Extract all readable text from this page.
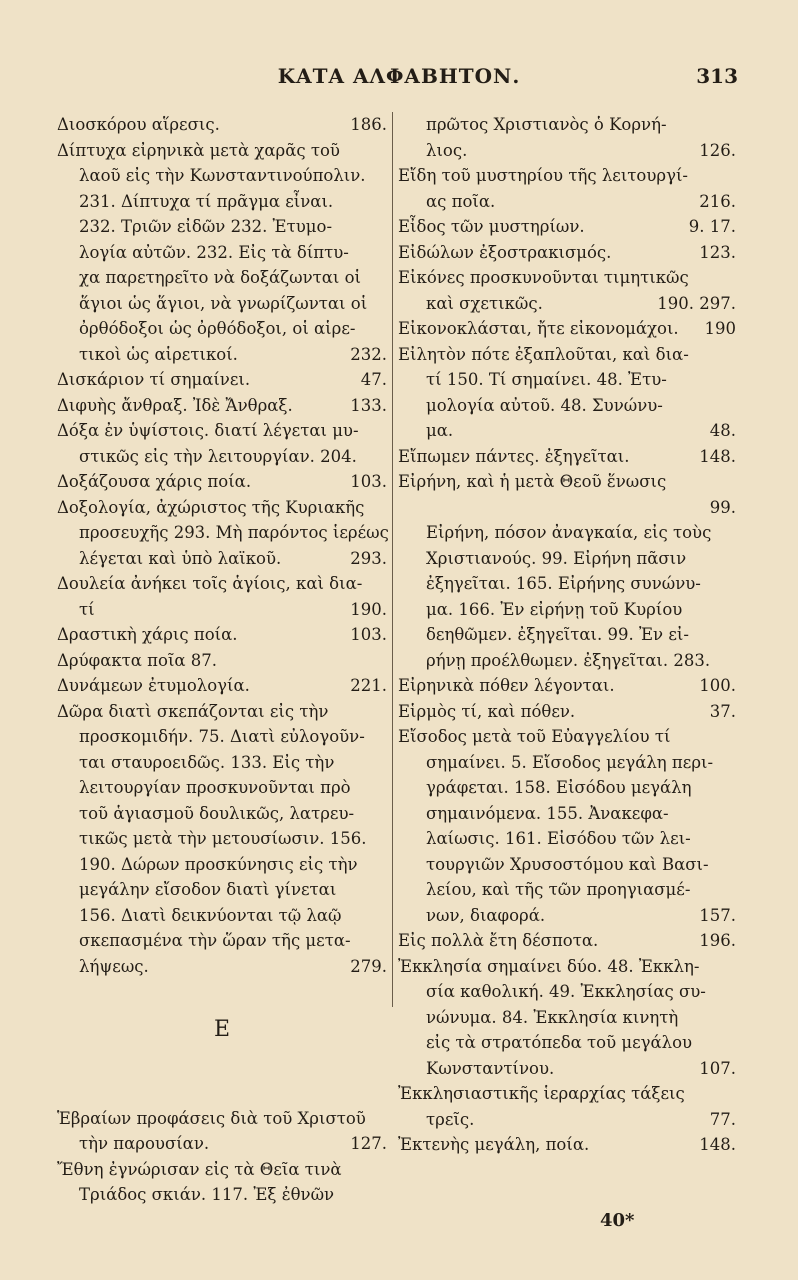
ΚΑΤΑ ΑΛΦΑΒΗΤΟΝ.	313
Διοσκόρου αἵρεσις.	186.
Δίπτυχα εἰρηνικὰ μετὰ χαρᾶς τοῦ
λαοῦ εἰς τὴν Κωνσταντινούπολιν.
231. Δίπτυχα τί πρᾶγμα εἶναι.
232. Τριῶν εἰδῶν 232. Ἐτυμο-
λογία αὐτῶν. 232. Εἰς τὰ δίπτυ-
χα παρετηρεῖτο νὰ δοξάζωνται οἱ
ἅγιοι ὡς ἅγιοι, νὰ γνωρίζωνται οἱ
ὀρθόδοξοι ὡς ὀρθόδοξοι, οἱ αἱρε-
τικοὶ ὡς αἱρετικοί.	232.
Δισκάριον τί σημαίνει.	47.
Διφυὴς ἄνθραξ. Ἰδὲ Ἄνθραξ.	133.
Δόξα ἐν ὑψίστοις. διατί λέγεται μυ-
στικῶς εἰς τὴν λειτουργίαν. 204.
Δοξάζουσα χάρις ποία.	103.
Δοξολογία, ἀχώριστος τῆς Κυριακῆς
προσευχῆς 293. Μὴ παρόντος ἱερέως
λέγεται καὶ ὑπὸ λαϊκοῦ.	293.
Δουλεία ἀνήκει τοῖς ἁγίοις, καὶ δια-
τί	190.
Δραστικὴ χάρις ποία.	103.
Δρύφακτα ποῖα 87.
Δυνάμεων ἐτυμολογία.	221.
Δῶρα διατὶ σκεπάζονται εἰς τὴν
προσκομιδήν. 75. Διατὶ εὐλογοῦν-
ται σταυροειδῶς. 133. Εἰς τὴν
λειτουργίαν προσκυνοῦνται πρὸ
τοῦ ἁγιασμοῦ δουλικῶς, λατρευ-
τικῶς μετὰ τὴν μετουσίωσιν. 156.
190. Δώρων προσκύνησις εἰς τὴν
μεγάλην εἴσοδον διατὶ γίνεται
156. Διατὶ δεικνύονται τῷ λαῷ
σκεπασμένα τὴν ὥραν τῆς μετα-
λήψεως.	279.
Ε
Ἑβραίων προφάσεις διὰ τοῦ Χριστοῦ
τὴν παρουσίαν.	127.
Ἔθνη ἐγνώρισαν εἰς τὰ Θεῖα τινὰ
Τριάδος σκιάν. 117. Ἐξ ἐθνῶν
πρῶτος Χριστιανὸς ὁ Κορνή-
λιος.	126.
Εἴδη τοῦ μυστηρίου τῆς λειτουργί-
ας ποῖα.	216.
Εἶδος τῶν μυστηρίων.	9. 17.
Εἰδώλων ἐξοστρακισμός.	123.
Εἰκόνες προσκυνοῦνται τιμητικῶς
καὶ σχετικῶς.	190. 297.
Εἰκονοκλάσται, ἤτε εἰκονομάχοι. 190
Εἰλητὸν πότε ἐξαπλοῦται, καὶ δια-
τί 150. Τί σημαίνει. 48. Ἐτυ-
μολογία αὐτοῦ. 48. Συνώνυ-
μα.	48.
Εἴπωμεν πάντες. ἐξηγεῖται.	148.
Εἰρήνη, καὶ ἡ μετὰ Θεοῦ ἕνωσις
99.
Εἰρήνη, πόσον ἀναγκαία, εἰς τοὺς
Χριστιανούς. 99. Εἰρήνη πᾶσιν
ἐξηγεῖται. 165. Εἰρήνης συνώνυ-
μα. 166. Ἐν εἰρήνῃ τοῦ Κυρίου
δεηθῶμεν. ἐξηγεῖται. 99. Ἐν εἰ-
ρήνῃ προέλθωμεν. ἐξηγεῖται. 283.
Εἰρηνικὰ πόθεν λέγονται.	100.
Εἱρμὸς τί, καὶ πόθεν.	37.
Εἴσοδος μετὰ τοῦ Εὐαγγελίου τί
σημαίνει. 5. Εἴσοδος μεγάλη περι-
γράφεται. 158. Εἰσόδου μεγάλη
σημαινόμενα. 155. Ἀνακεφα-
λαίωσις. 161. Εἰσόδου τῶν λει-
τουργιῶν Χρυσοστόμου καὶ Βασι-
λείου, καὶ τῆς τῶν προηγιασμέ-
νων, διαφορά.	157.
Εἰς πολλὰ ἔτη δέσποτα.	196.
Ἐκκλησία σημαίνει δύο. 48. Ἐκκλη-
σία καθολική. 49. Ἐκκλησίας συ-
νώνυμα. 84. Ἐκκλησία κινητὴ
εἰς τὰ στρατόπεδα τοῦ μεγάλου
Κωνσταντίνου.	107.
Ἐκκλησιαστικῆς ἱεραρχίας τάξεις
τρεῖς.	77.
Ἐκτενὴς μεγάλη, ποία.	148.
40*
